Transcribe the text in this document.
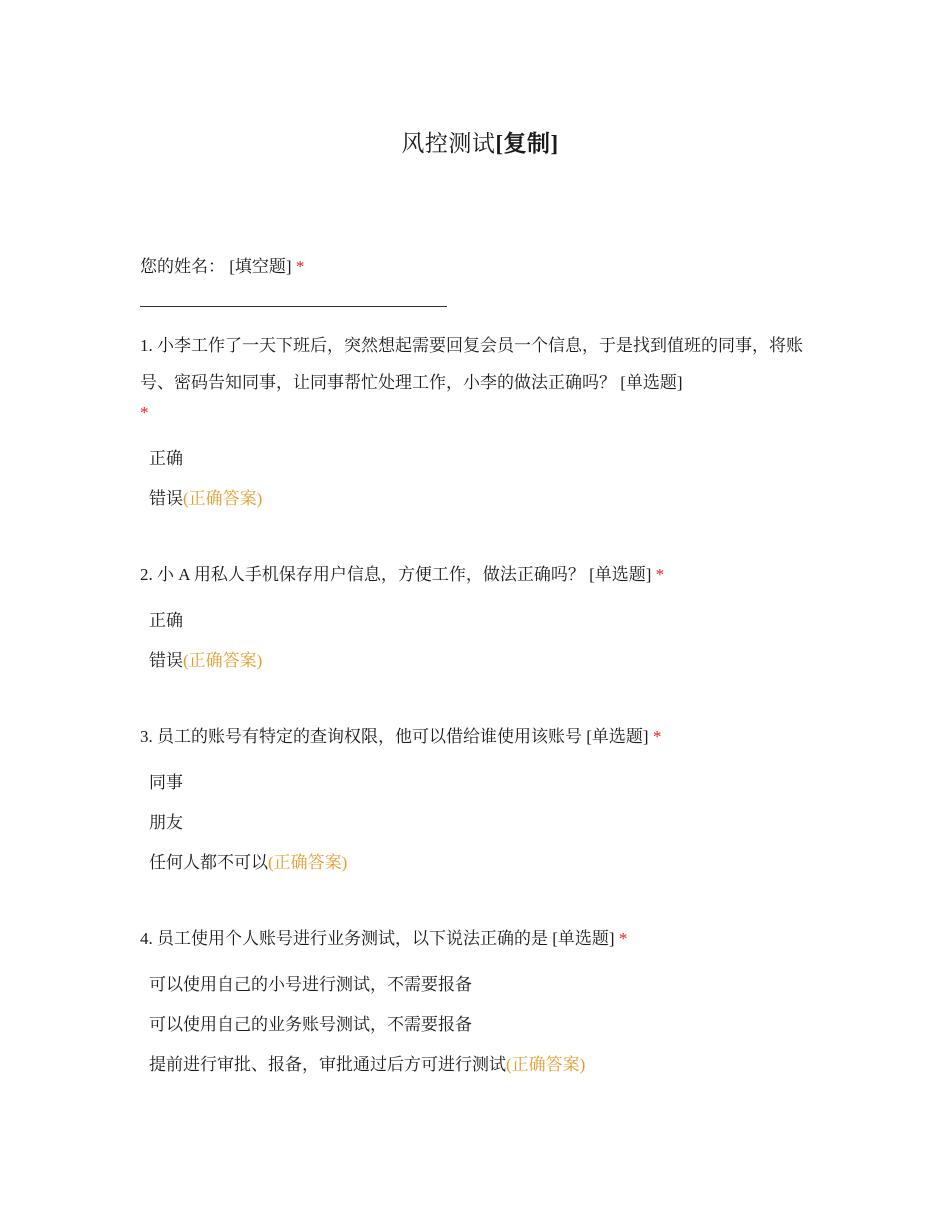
风控测试[复制]
您的姓名： [填空题] *
1. 小李工作了一天下班后，突然想起需要回复会员一个信息，于是找到值班的同事，将账号、密码告知同事，让同事帮忙处理工作，小李的做法正确吗？ [单选题]
*
正确
错误(正确答案)
2. 小 A 用私人手机保存用户信息，方便工作，做法正确吗？ [单选题] *
正确
错误(正确答案)
3. 员工的账号有特定的查询权限，他可以借给谁使用该账号 [单选题] *
同事
朋友
任何人都不可以(正确答案)
4. 员工使用个人账号进行业务测试，以下说法正确的是 [单选题] *
可以使用自己的小号进行测试，不需要报备
可以使用自己的业务账号测试，不需要报备
提前进行审批、报备，审批通过后方可进行测试(正确答案)
